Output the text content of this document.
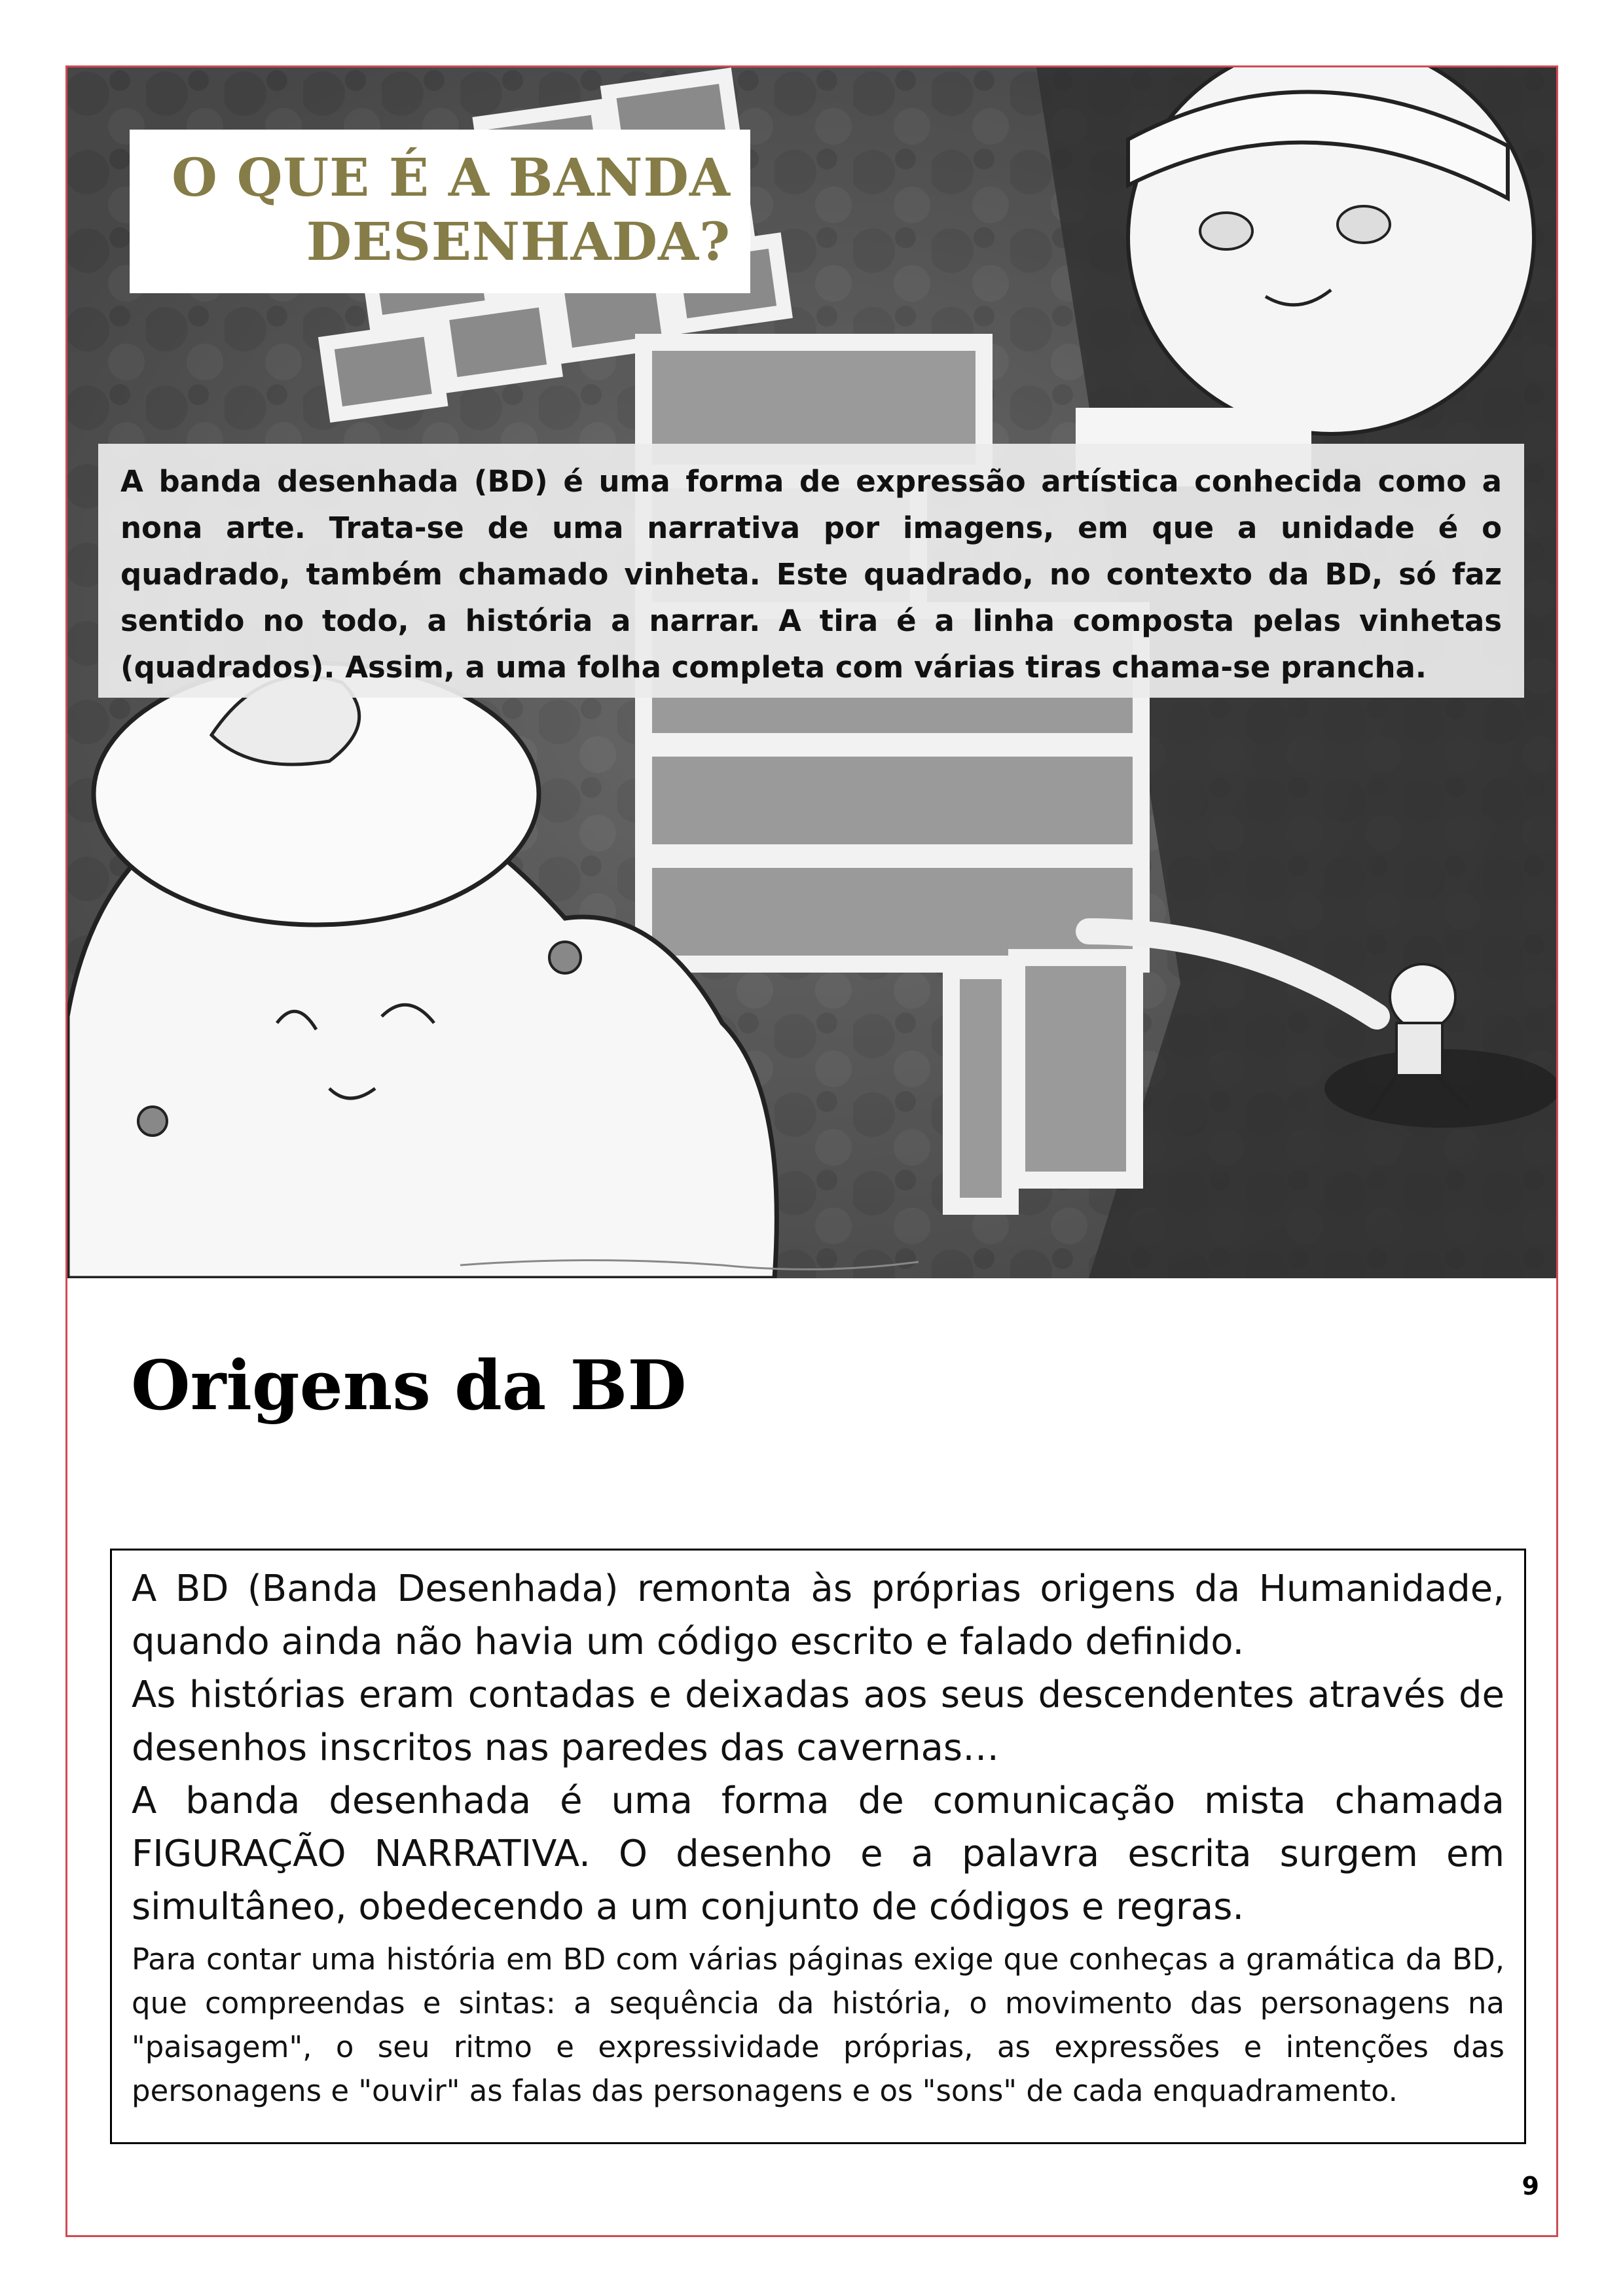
O QUE É A BANDA
DESENHADA?

A banda desenhada (BD) é uma forma de expressão artística conhecida como a nona arte. Trata-se de uma narrativa por imagens, em que a unidade é o quadrado, também chamado vinheta. Este quadrado, no contexto da BD, só faz sentido no todo, a história a narrar. A tira é a linha composta pelas vinhetas (quadrados). Assim, a uma folha completa com várias tiras chama-se prancha.

Origens da BD

A BD (Banda Desenhada) remonta às próprias origens da Humanidade, quando ainda não havia um código escrito e falado definido.

As histórias eram contadas e deixadas aos seus descendentes através de desenhos inscritos nas paredes das cavernas…

A banda desenhada é uma forma de comunicação mista chamada FIGURAÇÃO NARRATIVA. O desenho e a palavra escrita surgem em simultâneo, obedecendo a um conjunto de códigos e regras.

Para contar uma história em BD com várias páginas exige que conheças a gramática da BD, que compreendas e sintas: a sequência da história, o movimento das personagens na "paisagem", o seu ritmo e expressividade próprias, as expressões e intenções das personagens e "ouvir" as falas das personagens e os "sons" de cada enquadramento.

9
